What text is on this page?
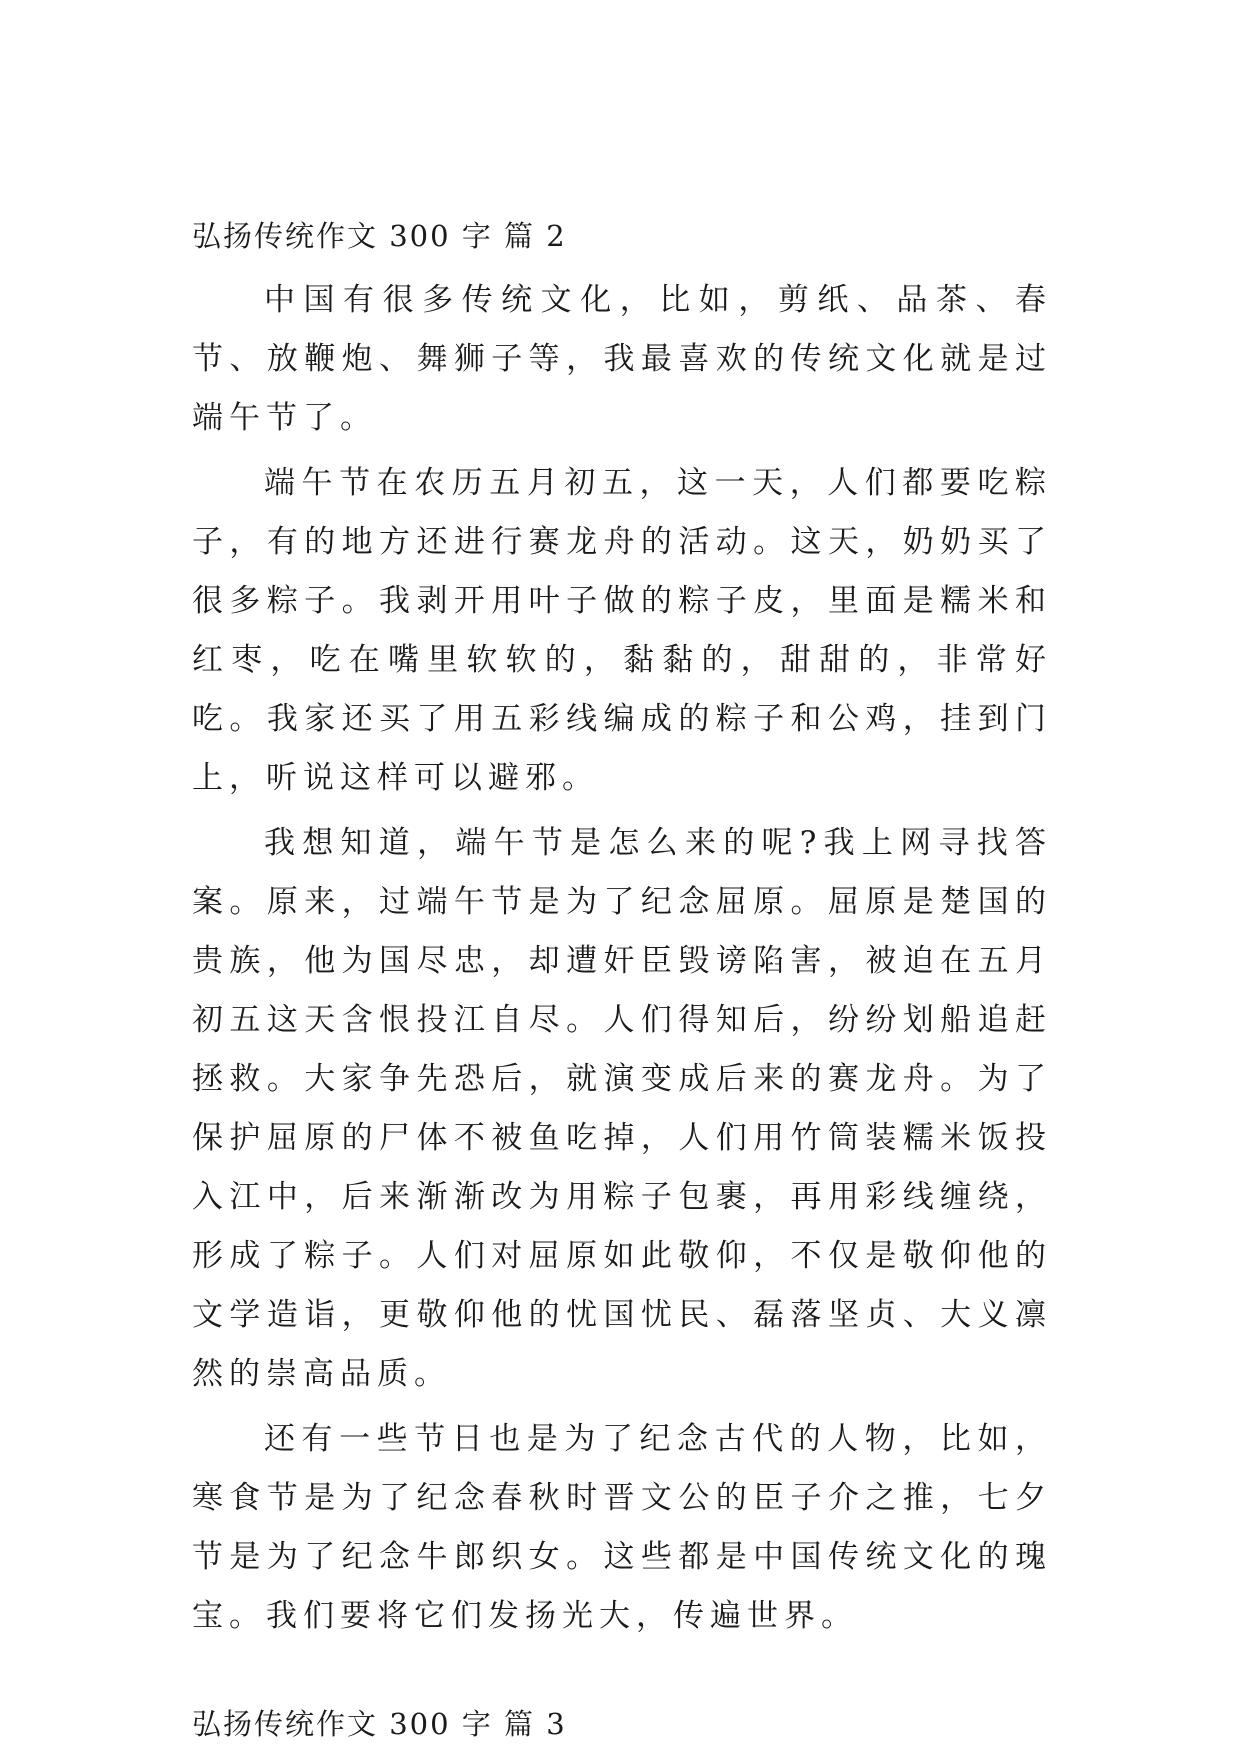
弘扬传统作文 300 字 篇 2

中国有很多传统文化，比如，剪纸、品茶、春节、放鞭炮、舞狮子等，我最喜欢的传统文化就是过端午节了。

端午节在农历五月初五，这一天，人们都要吃粽子，有的地方还进行赛龙舟的活动。这天，奶奶买了很多粽子。我剥开用叶子做的粽子皮，里面是糯米和红枣，吃在嘴里软软的，黏黏的，甜甜的，非常好吃。我家还买了用五彩线编成的粽子和公鸡，挂到门上，听说这样可以避邪。

我想知道，端午节是怎么来的呢?我上网寻找答案。原来，过端午节是为了纪念屈原。屈原是楚国的贵族，他为国尽忠，却遭奸臣毁谤陷害，被迫在五月初五这天含恨投江自尽。人们得知后，纷纷划船追赶拯救。大家争先恐后，就演变成后来的赛龙舟。为了保护屈原的尸体不被鱼吃掉，人们用竹筒装糯米饭投入江中，后来渐渐改为用粽子包裹，再用彩线缠绕，形成了粽子。人们对屈原如此敬仰，不仅是敬仰他的文学造诣，更敬仰他的忧国忧民、磊落坚贞、大义凛然的崇高品质。

还有一些节日也是为了纪念古代的人物，比如，寒食节是为了纪念春秋时晋文公的臣子介之推，七夕节是为了纪念牛郎织女。这些都是中国传统文化的瑰宝。我们要将它们发扬光大，传遍世界。

弘扬传统作文 300 字 篇 3
